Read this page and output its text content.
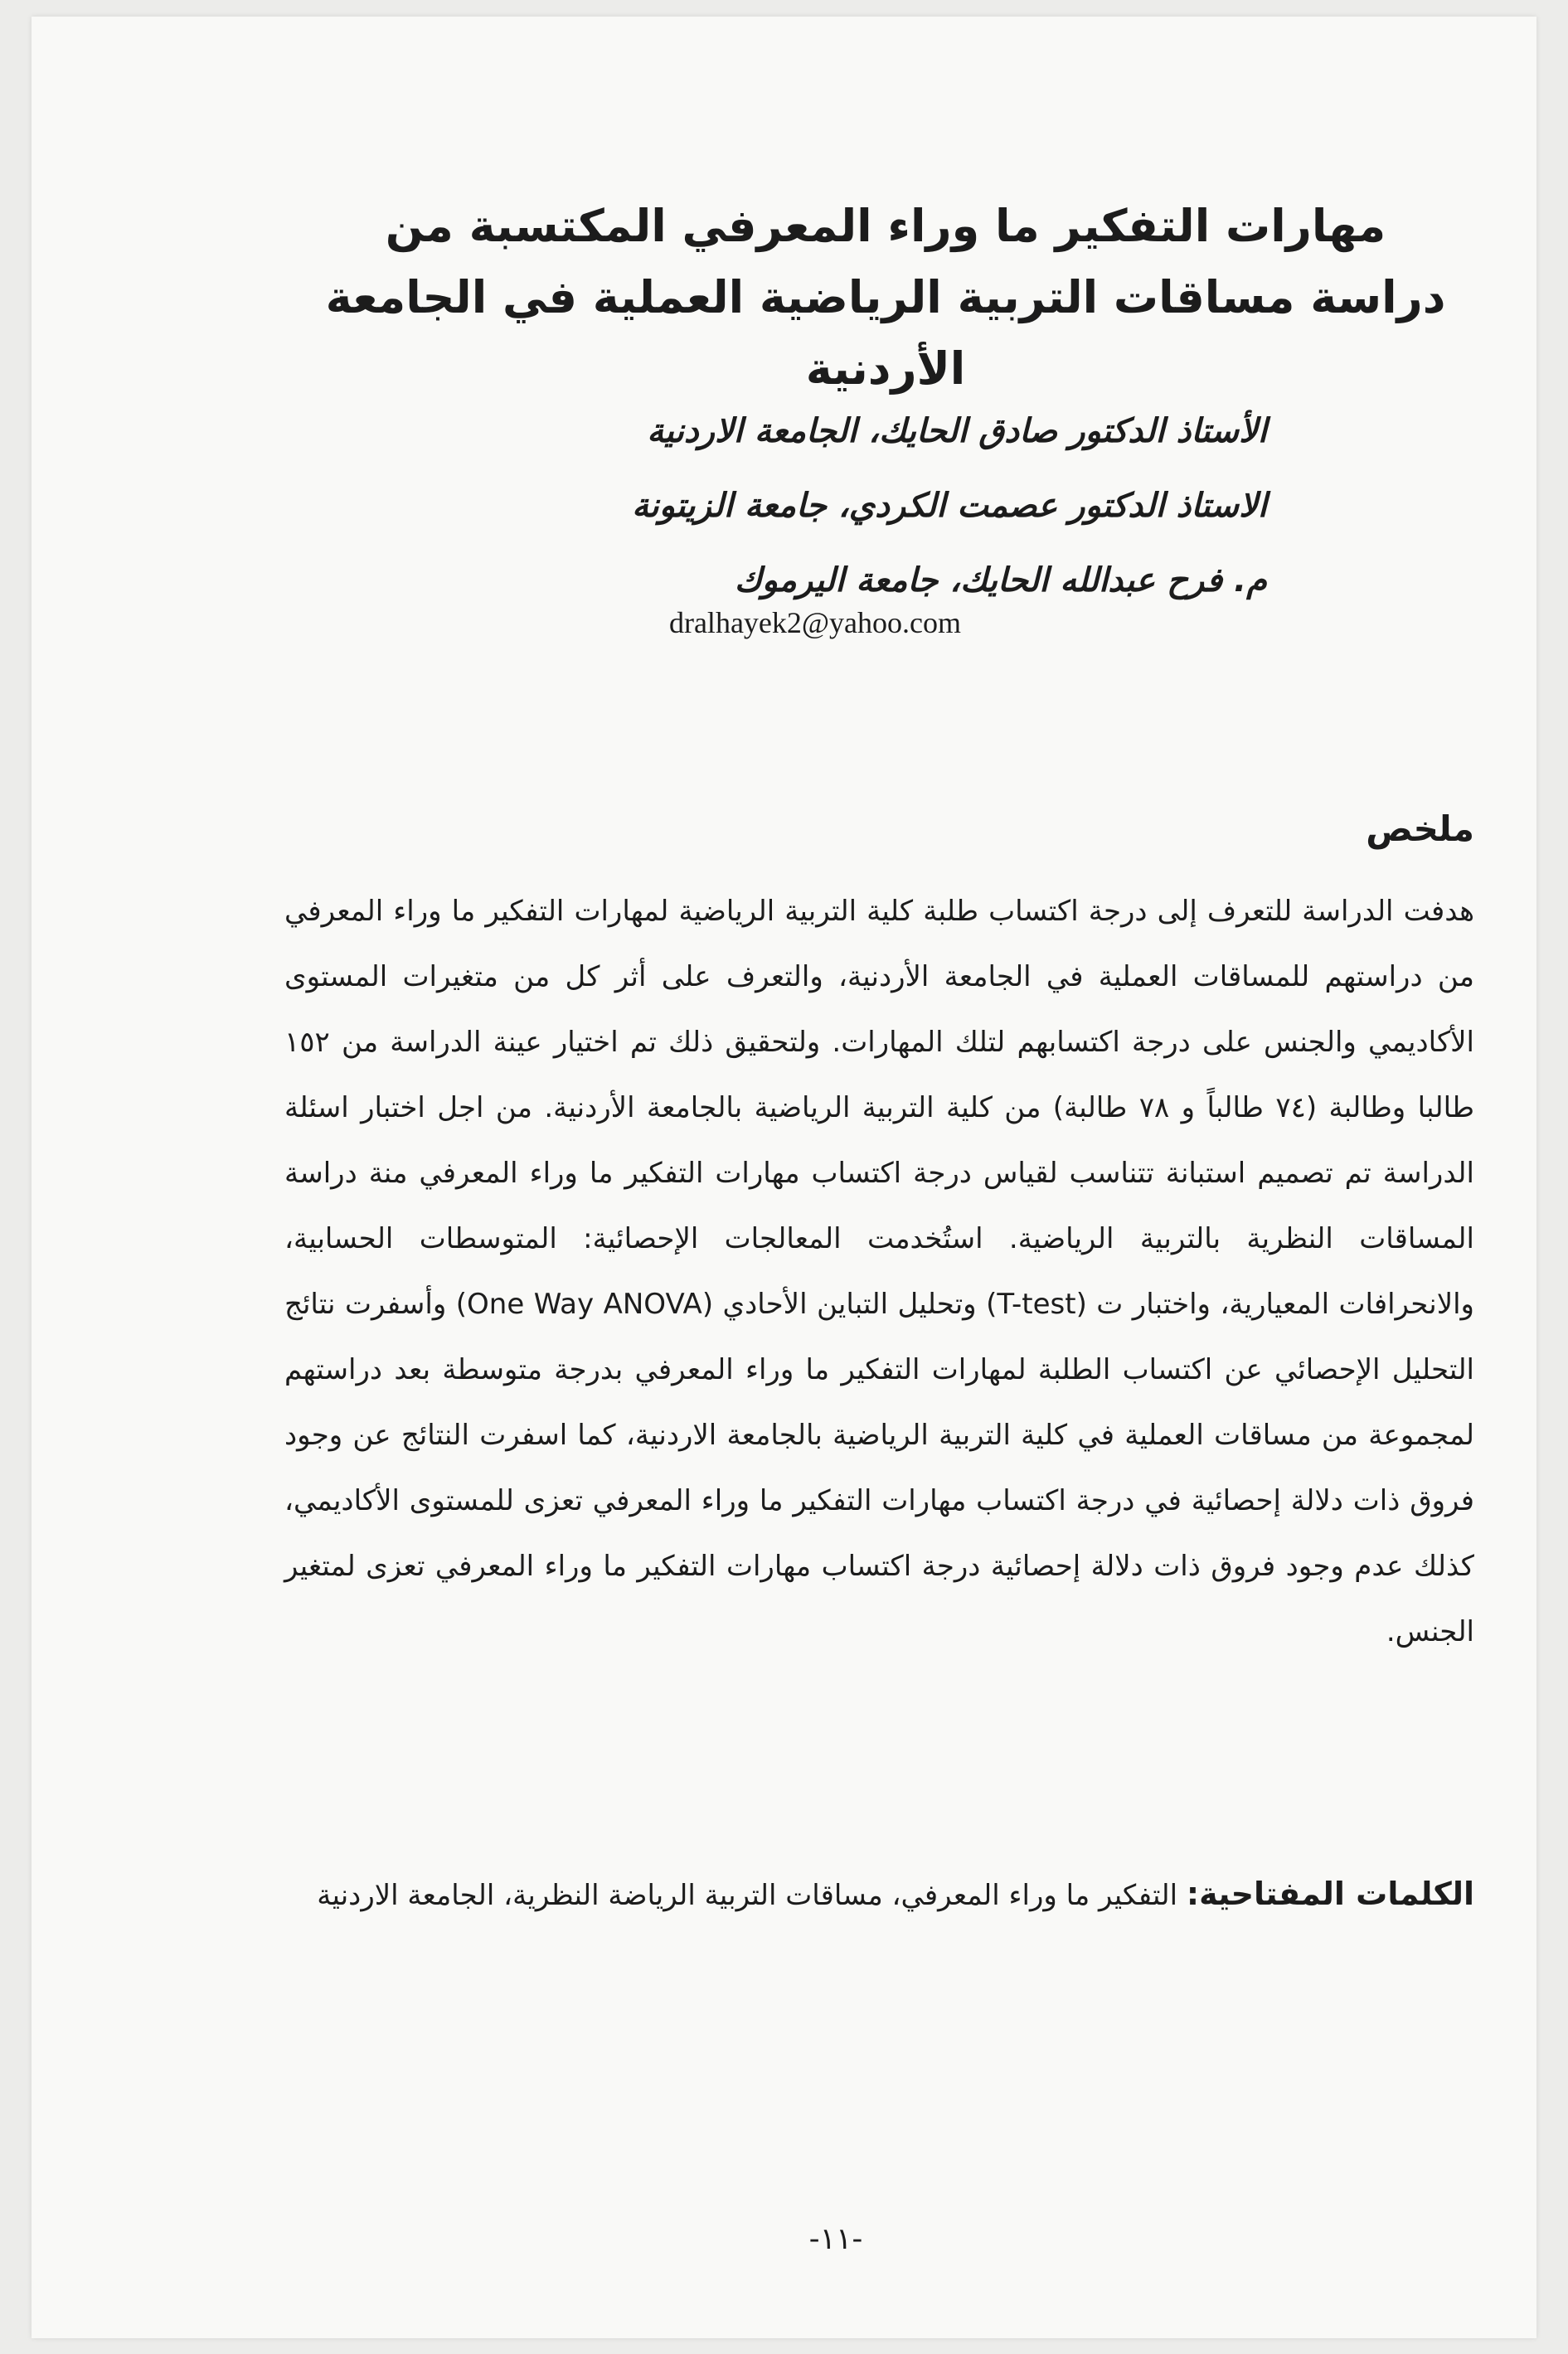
مهارات التفكير ما وراء المعرفي المكتسبة من دراسة مساقات التربية الرياضية العملية في الجامعة الأردنية
الأستاذ الدكتور صادق الحايك، الجامعة الاردنية
الاستاذ الدكتور عصمت الكردي، جامعة الزيتونة
م. فرح عبدالله الحايك، جامعة اليرموك
dralhayek2@yahoo.com
ملخص

هدفت الدراسة للتعرف إلى درجة اكتساب طلبة كلية التربية الرياضية لمهارات التفكير ما وراء المعرفي من دراستهم للمساقات العملية في الجامعة الأردنية، والتعرف على أثر كل من متغيرات المستوى الأكاديمي والجنس على درجة اكتسابهم لتلك المهارات. ولتحقيق ذلك تم اختيار عينة الدراسة من ١٥٢ طالبا وطالبة (٧٤ طالباً و ٧٨ طالبة) من كلية التربية الرياضية بالجامعة الأردنية. من اجل اختبار اسئلة الدراسة تم تصميم استبانة تتناسب لقياس درجة اكتساب مهارات التفكير ما وراء المعرفي منة دراسة المساقات النظرية بالتربية الرياضية. استُخدمت المعالجات الإحصائية: المتوسطات الحسابية، والانحرافات المعيارية، واختبار ت (T-test) وتحليل التباين الأحادي (One Way ANOVA) وأسفرت نتائج التحليل الإحصائي عن اكتساب الطلبة لمهارات التفكير ما وراء المعرفي بدرجة متوسطة بعد دراستهم لمجموعة من مساقات العملية في كلية التربية الرياضية بالجامعة الاردنية، كما اسفرت النتائج عن وجود فروق ذات دلالة إحصائية في درجة اكتساب مهارات التفكير ما وراء المعرفي تعزى للمستوى الأكاديمي، كذلك عدم وجود فروق ذات دلالة إحصائية درجة اكتساب مهارات التفكير ما وراء المعرفي تعزى لمتغير الجنس.

الكلمات المفتاحية: التفكير ما وراء المعرفي، مساقات التربية الرياضة النظرية، الجامعة الاردنية

-١١-
